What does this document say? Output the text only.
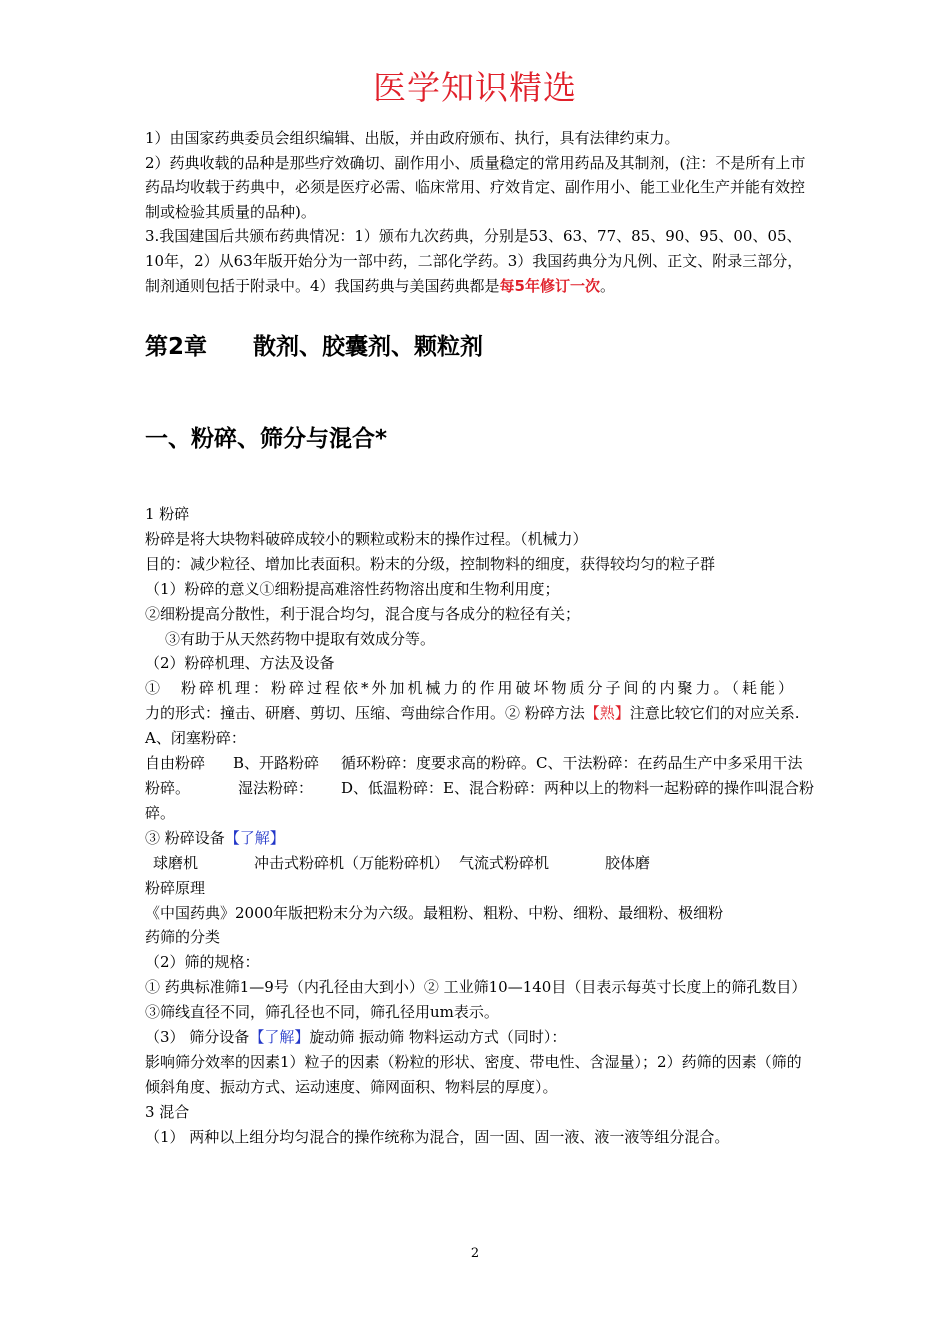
医学知识精选

1）由国家药典委员会组织编辑、出版，并由政府颁布、执行，具有法律约束力。

2）药典收载的品种是那些疗效确切、副作用小、质量稳定的常用药品及其制剂，(注：不是所有上市药品均收载于药典中，必须是医疗必需、临床常用、疗效肯定、副作用小、能工业化生产并能有效控制或检验其质量的品种)。

3.我国建国后共颁布药典情况：1）颁布九次药典，分别是53、63、77、85、90、95、00、05、10年，2）从63年版开始分为一部中药，二部化学药。3）我国药典分为凡例、正文、附录三部分，制剂通则包括于附录中。4）我国药典与美国药典都是每5年修订一次。

第2章 散剂、胶囊剂、颗粒剂
一、粉碎、筛分与混合*

1 粉碎

粉碎是将大块物料破碎成较小的颗粒或粉末的操作过程。（机械力）

目的：减少粒径、增加比表面积。粉末的分级，控制物料的细度，获得较均匀的粒子群

（1）粉碎的意义①细粉提高难溶性药物溶出度和生物利用度；

②细粉提高分散性，利于混合均匀，混合度与各成分的粒径有关；

③有助于从天然药物中提取有效成分等。

（2）粉碎机理、方法及设备

①　粉碎机理：粉碎过程依*外加机械力的作用破坏物质分子间的内聚力。（耗能）

力的形式：撞击、研磨、剪切、压缩、弯曲综合作用。② 粉碎方法【熟】注意比较它们的对应关系.

A、闭塞粉碎：

自由粉碎 B、开路粉碎 循环粉碎：度要求高的粉碎。C、干法粉碎：在药品生产中多采用干法粉碎。	湿法粉碎： D、低温粉碎：E、混合粉碎：两种以上的物料一起粉碎的操作叫混合粉碎。

③ 粉碎设备【了解】

球磨机	冲击式粉碎机（万能粉碎机） 气流式粉碎机	胶体磨

粉碎原理

《中国药典》2000年版把粉末分为六级。最粗粉、粗粉、中粉、细粉、最细粉、极细粉

药筛的分类

（2）筛的规格：

① 药典标准筛1—9号（内孔径由大到小）② 工业筛10—140目（目表示每英寸长度上的筛孔数目）③筛线直径不同，筛孔径也不同，筛孔径用um表示。

（3） 筛分设备【了解】旋动筛 振动筛 物料运动方式（同时）：

影响筛分效率的因素1）粒子的因素（粉粒的形状、密度、带电性、含湿量）；2）药筛的因素（筛的倾斜角度、振动方式、运动速度、筛网面积、物料层的厚度）。

3 混合

（1） 两种以上组分均匀混合的操作统称为混合，固一固、固一液、液一液等组分混合。

2
